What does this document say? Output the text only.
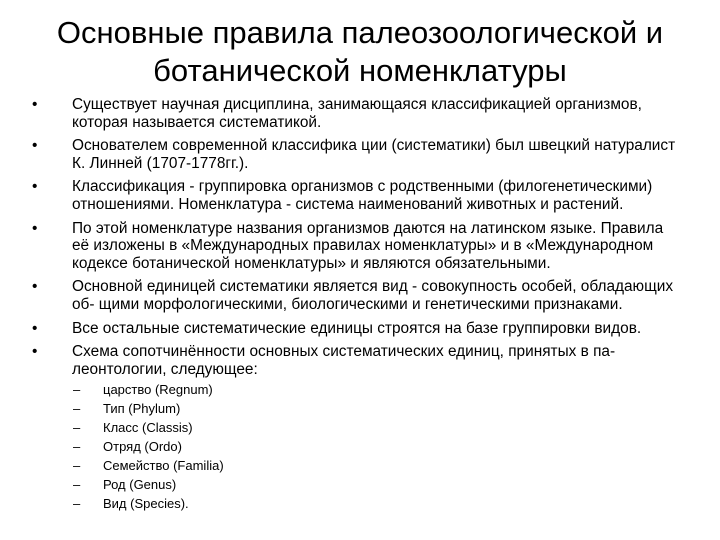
Основные правила палеозоологической и ботанической номенклатуры
• Существует научная дисциплина, занимающаяся классификацией организмов, которая называется систематикой.
• Основателем современной классифика ции (систематики) был швецкий натуралист К. Линней (1707-1778гг.).
• Классификация - группировка организмов с родственными (филогенетическими) отношениями. Номенклатура - система наименований животных и растений.
• По этой номенклатуре названия организмов даются на латинском языке. Правила её изложены в «Международных правилах номенклатуры» и в «Международном кодексе ботанической номенклатуры» и являются обязательными.
• Основной единицей систематики является вид - совокупность особей, обладающих об- щими морфологическими, биологическими и генетическими признаками.
• Все остальные систематические единицы строятся на базе группировки видов.
• Схема сопотчинённости основных систематических единиц, принятых в па- леонтологии, следующее:
– царство (Regnum)
– Тип (Phylum)
– Класс (Classis)
– Отряд (Ordo)
– Семейство (Familia)
– Род (Genus)
– Вид (Species).
